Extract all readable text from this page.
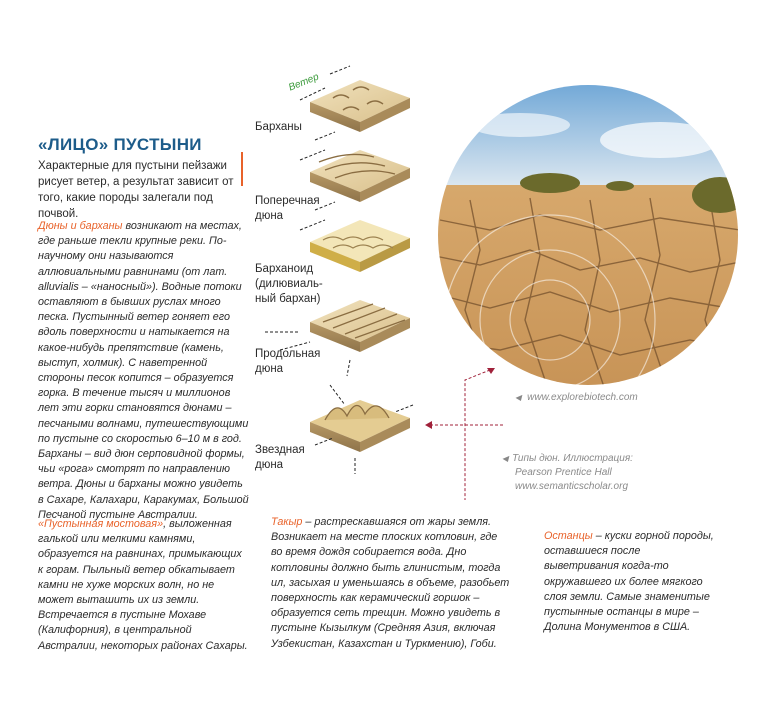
«ЛИЦО» ПУСТЫНИ
Характерные для пустыни пейзажи рисует ветер, а результат зависит от того, какие породы залегали под почвой.
Дюны и барханы возникают на местах, где раньше текли крупные реки. По-научному они называются аллювиальными равнинами (от лат. alluvialis – «наносный»). Водные потоки оставляют в бывших руслах много песка. Пустынный ветер гоняет его вдоль поверхности и натыкается на какое-нибудь препятствие (камень, выступ, холмик). С наветренной стороны песок копится – образуется горка. В течение тысяч и миллионов лет эти горки становятся дюнами – песчаными волнами, путешествующими по пустыне со скоростью 6–10 м в год. Барханы – вид дюн серповидной формы, чьи «рога» смотрят по направлению ветра. Дюны и барханы можно увидеть в Сахаре, Калахари, Каракумах, Большой Песчаной пустыне Австралии.
«Пустынная мостовая», выложенная галькой или мелкими камнями, образуется на равнинах, примыкающих к горам. Пыльный ветер обкатывает камни не хуже морских волн, но не может выташить их из земли. Встречается в пустыне Мохаве (Калифорния), в центральной Австралии, некоторых районах Сахары.
Такыр – растрескавшаяся от жары земля. Возникает на месте плоских котловин, где во время дождя собирается вода. Дно котловины должно быть глинистым, тогда ил, засыхая и уменьшаясь в объеме, разобьет поверхность как керамический горшок – образуется сеть трещин. Можно увидеть в пустыне Кызылкум (Средняя Азия, включая Узбекистан, Казахстан и Туркмению), Гоби.
Останцы – куски горной породы, оставшиеся после выветривания когда-то окружавшего их более мягкого слоя земли. Самые знаменитые пустынные останцы в мире – Долина Монументов в США.
Ветер
Барханы
Поперечная дюна
Барханоид (дилювиаль-ный бархан)
Продольная дюна
Звездная дюна
◀ www.explorebiotech.com
◀ Типы дюн. Иллюстрация:
Pearson Prentice Hall
www.semanticscholar.org
